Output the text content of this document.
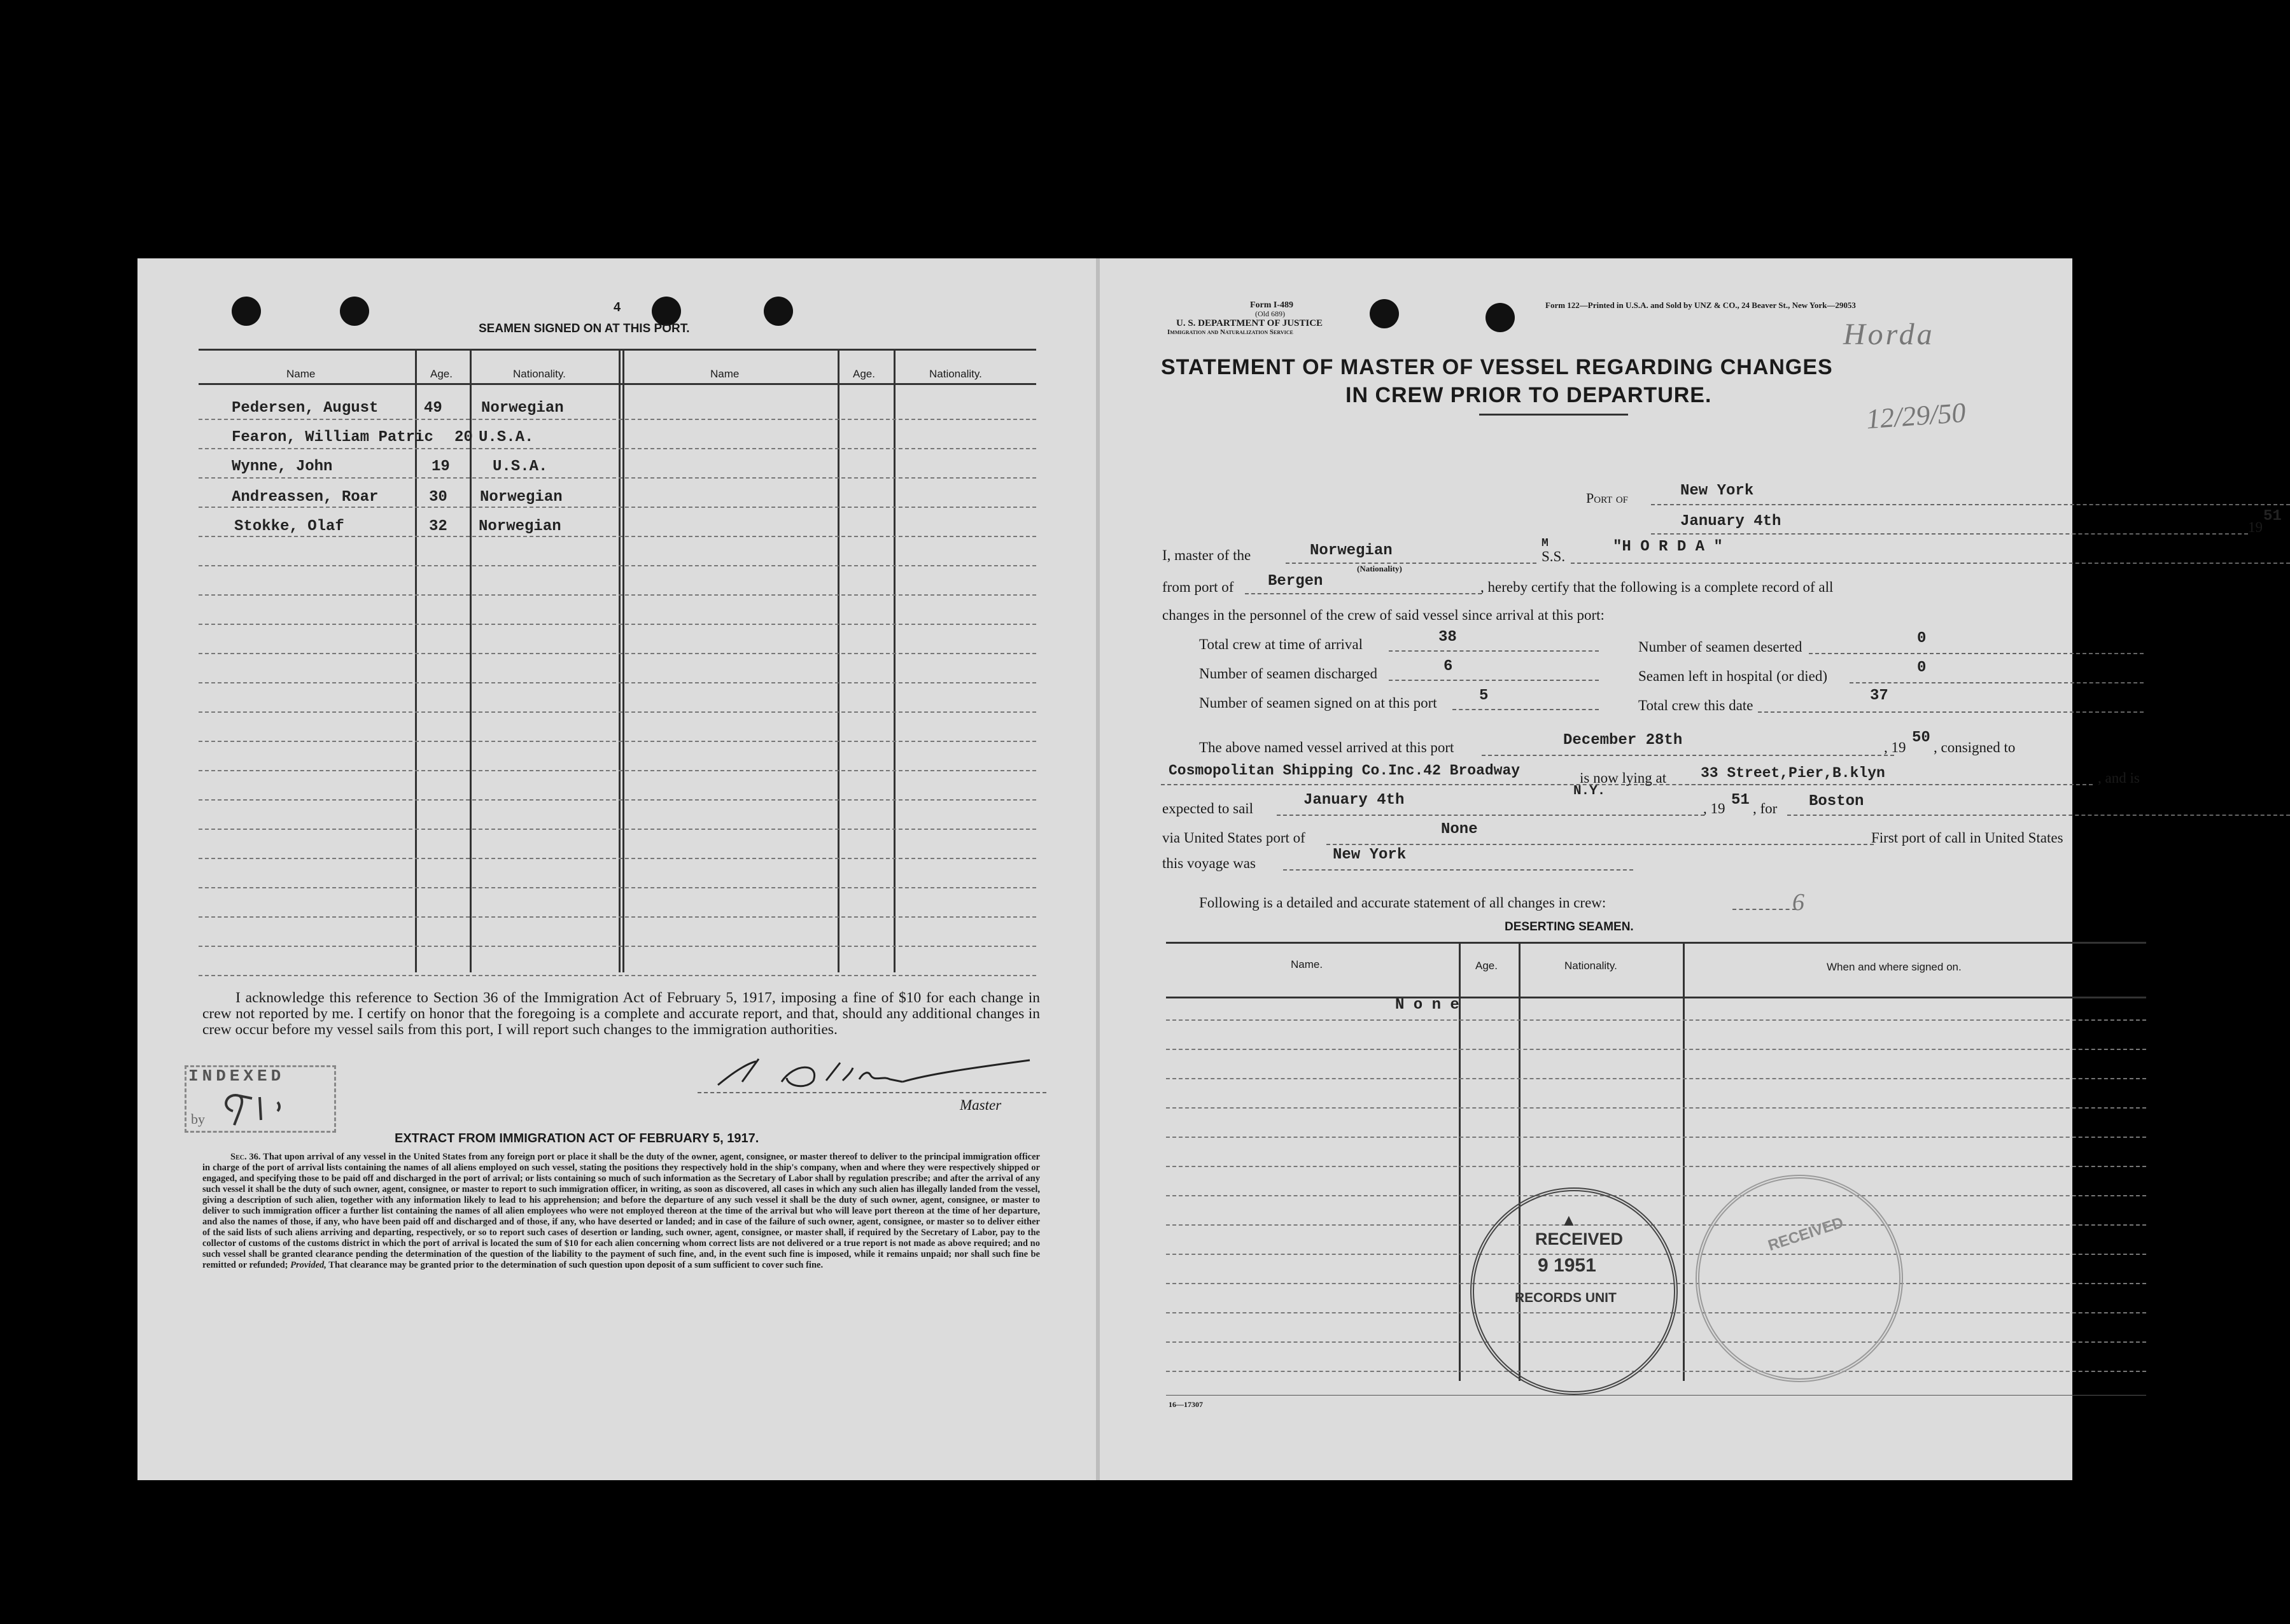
4
SEAMEN SIGNED ON AT THIS PORT.
Name	Age.	Nationality.	Name	Age.	Nationality.
Pedersen, August	49	Norwegian
Fearon, William Patric 20 U.S.A.
Wynne, John	19	U.S.A.
Andreassen, Roar	30 Norwegian
Stokke, Olaf	32 Norwegian
I acknowledge this reference to Section 36 of the Immigration Act of February 5, 1917, imposing a fine of $10 for each change in crew not reported by me. I certify on honor that the foregoing is a complete and accurate report, and that, should any additional changes in crew occur before my vessel sails from this port, I will report such changes to the immigration authorities.
Master
INDEXED
by
EXTRACT FROM IMMIGRATION ACT OF FEBRUARY 5, 1917.
Sec. 36. That upon arrival of any vessel in the United States from any foreign port or place it shall be the duty of the owner, agent, consignee, or master thereof to deliver to the principal immigration officer in charge of the port of arrival lists containing the names of all aliens employed on such vessel, stating the positions they respectively hold in the ship's company, when and where they were respectively shipped or engaged, and specifying those to be paid off and discharged in the port of arrival; or lists containing so much of such information as the Secretary of Labor shall by regulation prescribe; and after the arrival of any such vessel it shall be the duty of such owner, agent, consignee, or master to report to such immigration officer, in writing, as soon as discovered, all cases in which any such alien has illegally landed from the vessel, giving a description of such alien, together with any information likely to lead to his apprehension; and before the departure of any such vessel it shall be the duty of such owner, agent, consignee, or master to deliver to such immigration officer a further list containing the names of all alien employees who were not employed thereon at the time of the arrival but who will leave port thereon at the time of her departure, and also the names of those, if any, who have been paid off and discharged and of those, if any, who have deserted or landed; and in case of the failure of such owner, agent, consignee, or master so to deliver either of the said lists of such aliens arriving and departing, respectively, or so to report such cases of desertion or landing, such owner, agent, consignee, or master shall, if required by the Secretary of Labor, pay to the collector of customs of the customs district in which the port of arrival is located the sum of $10 for each alien concerning whom correct lists are not delivered or a true report is not made as above required; and no such vessel shall be granted clearance pending the determination of the question of the liability to the payment of such fine, and, in the event such fine is imposed, while it remains unpaid; nor shall such fine be remitted or refunded; Provided, That clearance may be granted prior to the determination of such question upon deposit of a sum sufficient to cover such fine.
Form I-489
(Old 689)
U. S. DEPARTMENT OF JUSTICE
Immigration and Naturalization Service
Form 122—Printed in U.S.A. and Sold by UNZ & CO., 24 Beaver St., New York—29053
Horda
12/29/50
STATEMENT OF MASTER OF VESSEL REGARDING CHANGES
IN CREW PRIOR TO DEPARTURE.
Port of	New York
January 4th	19
51
I, master of the	Norwegian
(Nationality)
M
S.S.
"H O R D A "
from port of Bergen	, hereby certify that the following is a complete record of all
changes in the personnel of the crew of said vessel since arrival at this port:
Total crew at time of arrival	38
Number of seamen deserted	0
Number of seamen discharged	6
Seamen left in hospital (or died)	0
Number of seamen signed on at this port	5
Total crew this date
37
The above named vessel arrived at this port	December 28th	, 19
50
, consigned to
Cosmopolitan Shipping Co.Inc.42 Broadway	is now lying at 33 Street,Pier,B.klyn	, and is
N.Y.
expected to sail	January 4th	, 19 51 , for Boston
via United States port of	None	First port of call in United States
this voyage was	New York
Following is a detailed and accurate statement of all changes in crew:	6
DESERTING SEAMEN.
Name.	Age.	Nationality.	When and where signed on.
N o n e
RECEIVED
9 1951
RECORDS UNIT
▲	RECEIVED
16—17307
